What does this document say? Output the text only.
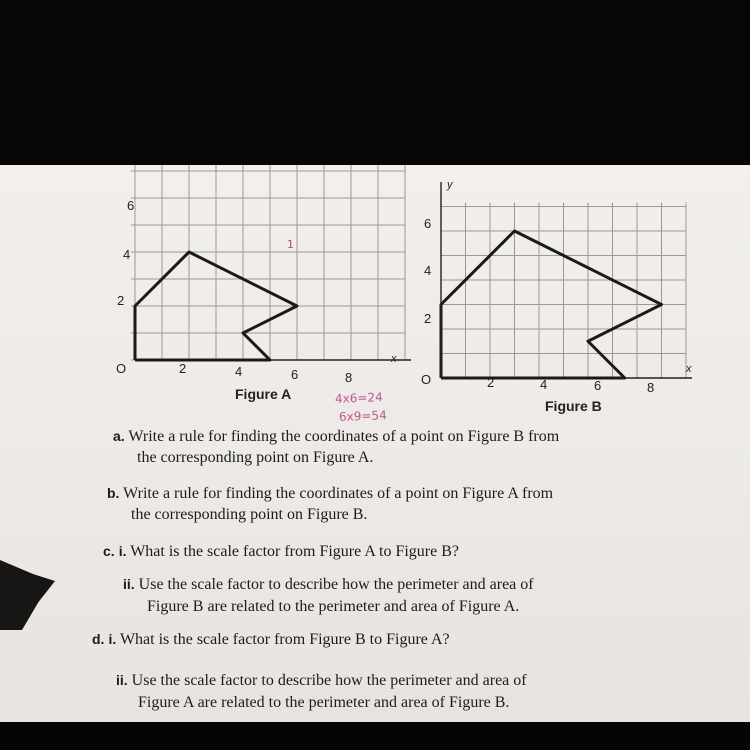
O
x
2	4	6	8
2
4
6
1
y
x
O	2	4	6	8
2
4
6
Figure A
Figure B
4x6=24
6x9=54
a. Write a rule for finding the coordinates of a point on Figure B from
the corresponding point on Figure A.
b. Write a rule for finding the coordinates of a point on Figure A from
the corresponding point on Figure B.
c. i. What is the scale factor from Figure A to Figure B?
ii. Use the scale factor to describe how the perimeter and area of
Figure B are related to the perimeter and area of Figure A.
d. i. What is the scale factor from Figure B to Figure A?
ii. Use the scale factor to describe how the perimeter and area of
Figure A are related to the perimeter and area of Figure B.
